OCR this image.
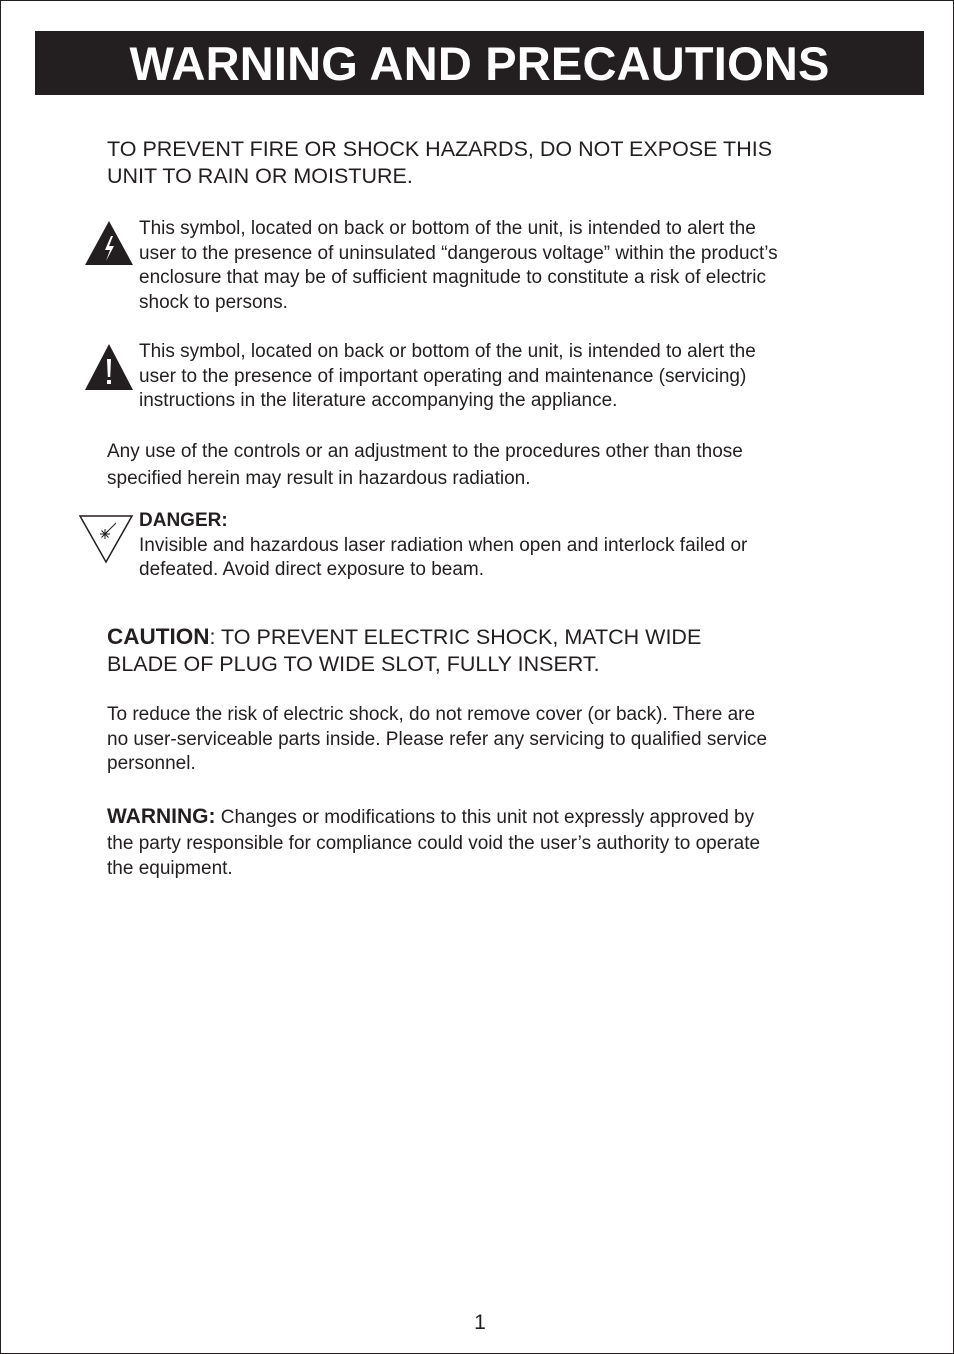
WARNING AND PRECAUTIONS
TO PREVENT FIRE OR SHOCK HAZARDS, DO NOT EXPOSE THIS
UNIT TO RAIN OR MOISTURE.
This symbol, located on back or bottom of the unit, is intended to alert the
user to the presence of uninsulated “dangerous voltage” within the product’s
enclosure that may be of sufficient magnitude to constitute a risk of electric
shock to persons.
This symbol, located on back or bottom of the unit, is intended to alert the
user to the presence of important operating and maintenance (servicing)
instructions in the literature accompanying the appliance.
Any use of the controls or an adjustment to the procedures other than those
specified herein may result in hazardous radiation.
DANGER:
Invisible and hazardous laser radiation when open and interlock failed or
defeated. Avoid direct exposure to beam.
CAUTION: TO PREVENT ELECTRIC SHOCK, MATCH WIDE
BLADE OF PLUG TO WIDE SLOT, FULLY INSERT.
To reduce the risk of electric shock, do not remove cover (or back). There are
no user-serviceable parts inside. Please refer any servicing to qualified service
personnel.
WARNING: Changes or modifications to this unit not expressly approved by
the party responsible for compliance could void the user’s authority to operate
the equipment.
1
